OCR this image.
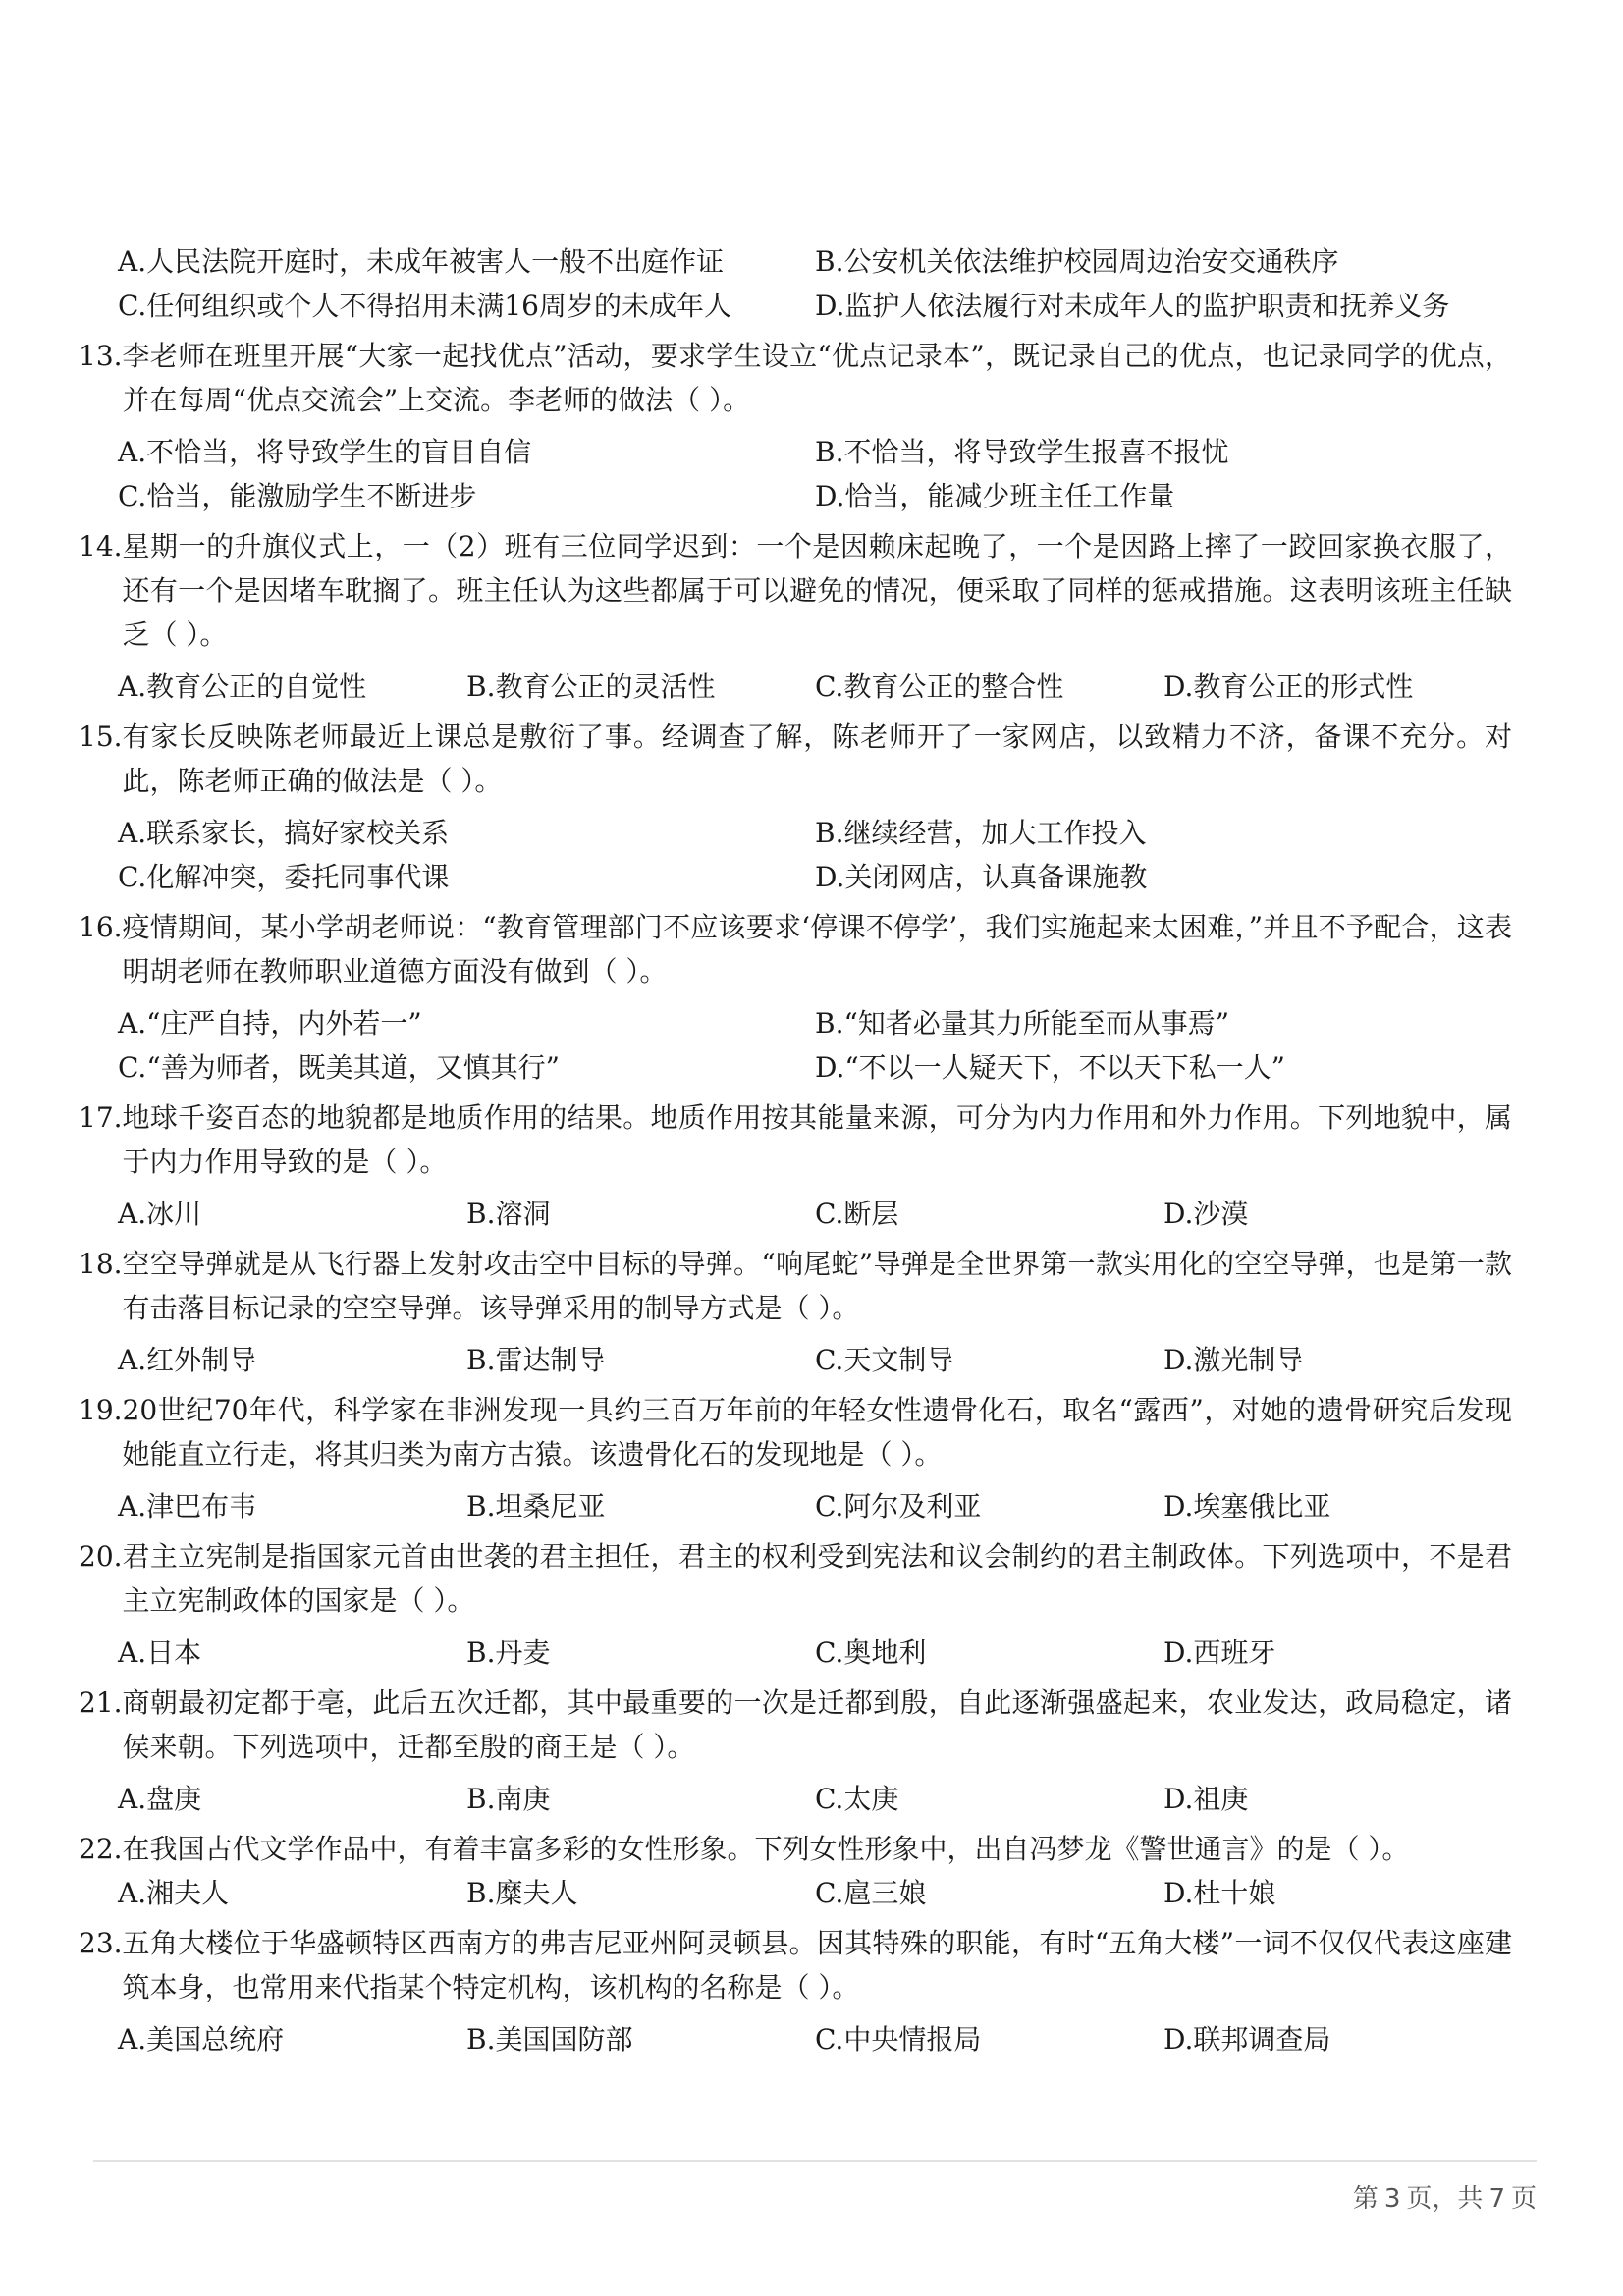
A.人民法院开庭时，未成年被害人一般不出庭作证	B.公安机关依法维护校园周边治安交通秩序
C.任何组织或个人不得招用未满16周岁的未成年人	D.监护人依法履行对未成年人的监护职责和抚养义务
13. 李老师在班里开展“大家一起找优点”活动，要求学生设立“优点记录本”，既记录自己的优点，也记录同学的优点，并在每周“优点交流会”上交流。李老师的做法（ ）。
A.不恰当，将导致学生的盲目自信	B.不恰当，将导致学生报喜不报忧
C.恰当，能激励学生不断进步	D.恰当，能减少班主任工作量
14. 星期一的升旗仪式上，一（2）班有三位同学迟到：一个是因赖床起晚了，一个是因路上摔了一跤回家换衣服了，还有一个是因堵车耽搁了。班主任认为这些都属于可以避免的情况，便采取了同样的惩戒措施。这表明该班主任缺乏（ ）。
A.教育公正的自觉性	B.教育公正的灵活性	C.教育公正的整合性	D.教育公正的形式性
15. 有家长反映陈老师最近上课总是敷衍了事。经调查了解，陈老师开了一家网店，以致精力不济，备课不充分。对此，陈老师正确的做法是（ ）。
A.联系家长，搞好家校关系	B.继续经营，加大工作投入
C.化解冲突，委托同事代课	D.关闭网店，认真备课施教
16. 疫情期间，某小学胡老师说：“教育管理部门不应该要求‘停课不停学’，我们实施起来太困难，”并且不予配合，这表明胡老师在教师职业道德方面没有做到（ ）。
A.“庄严自持，内外若一”	B.“知者必量其力所能至而从事焉”
C.“善为师者，既美其道，又慎其行”	D.“不以一人疑天下，不以天下私一人”
17. 地球千姿百态的地貌都是地质作用的结果。地质作用按其能量来源，可分为内力作用和外力作用。下列地貌中，属于内力作用导致的是（ ）。
A.冰川	B.溶洞	C.断层	D.沙漠
18. 空空导弹就是从飞行器上发射攻击空中目标的导弹。“响尾蛇”导弹是全世界第一款实用化的空空导弹，也是第一款有击落目标记录的空空导弹。该导弹采用的制导方式是（ ）。
A.红外制导	B.雷达制导	C.天文制导	D.激光制导
19. 20世纪70年代，科学家在非洲发现一具约三百万年前的年轻女性遗骨化石，取名“露西”，对她的遗骨研究后发现她能直立行走，将其归类为南方古猿。该遗骨化石的发现地是（ ）。
A.津巴布韦	B.坦桑尼亚	C.阿尔及利亚	D.埃塞俄比亚
20. 君主立宪制是指国家元首由世袭的君主担任，君主的权利受到宪法和议会制约的君主制政体。下列选项中，不是君主立宪制政体的国家是（ ）。
A.日本	B.丹麦	C.奥地利	D.西班牙
21. 商朝最初定都于亳，此后五次迁都，其中最重要的一次是迁都到殷，自此逐渐强盛起来，农业发达，政局稳定，诸侯来朝。下列选项中，迁都至殷的商王是（ ）。
A.盘庚	B.南庚	C.太庚	D.祖庚
22. 在我国古代文学作品中，有着丰富多彩的女性形象。下列女性形象中，出自冯梦龙《警世通言》的是（ ）。
A.湘夫人	B.糜夫人	C.扈三娘	D.杜十娘
23. 五角大楼位于华盛顿特区西南方的弗吉尼亚州阿灵顿县。因其特殊的职能，有时“五角大楼”一词不仅仅代表这座建筑本身，也常用来代指某个特定机构，该机构的名称是（ ）。
A.美国总统府	B.美国国防部	C.中央情报局	D.联邦调查局
第 3 页，共 7 页
